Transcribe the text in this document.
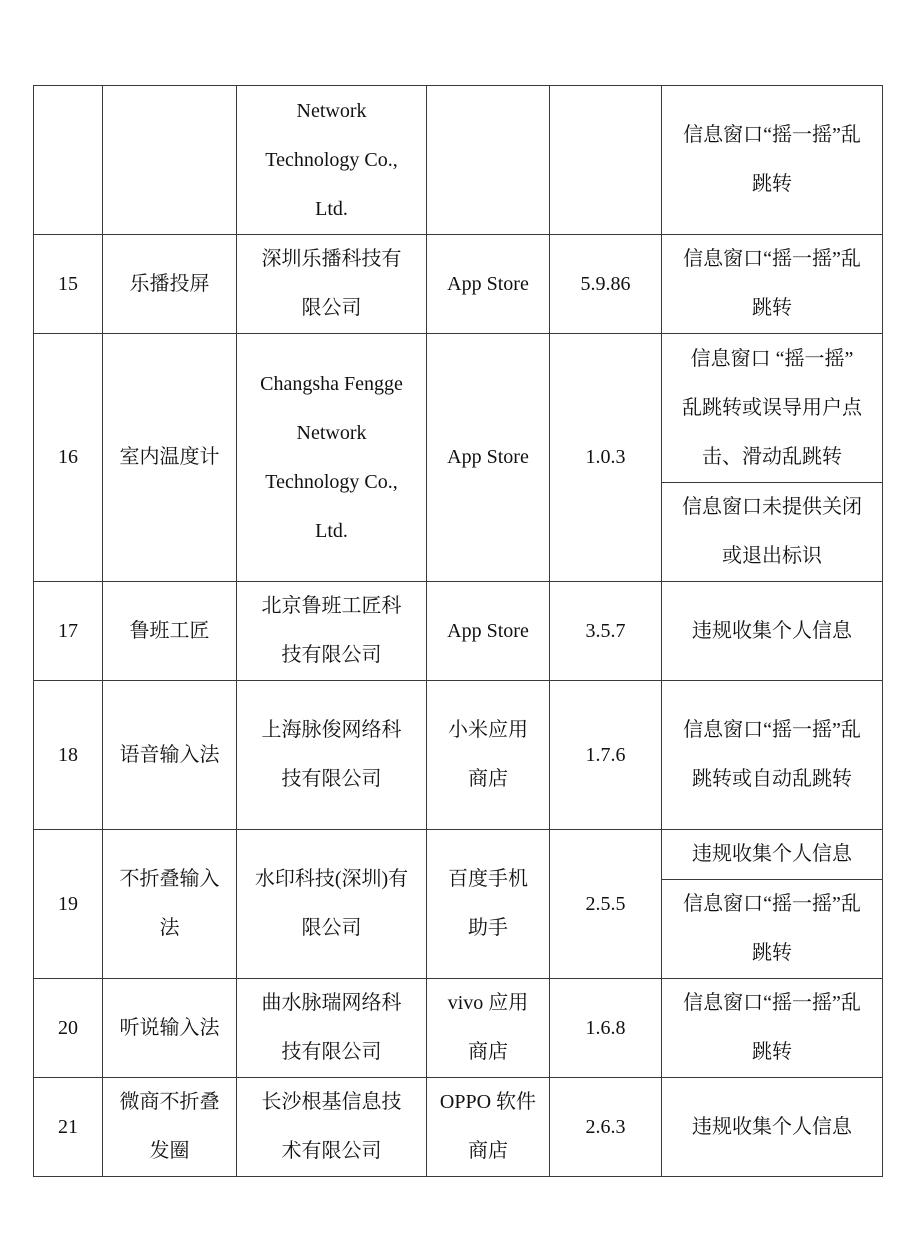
		Network
Technology Co.,
Ltd.			信息窗口“摇一摇”乱
跳转

15	乐播投屏	深圳乐播科技有
限公司	App Store	5.9.86	信息窗口“摇一摇”乱
跳转

16	室内温度计	Changsha Fengge
Network
Technology Co.,
Ltd.	App Store	1.0.3	信息窗口 “摇一摇”
乱跳转或误导用户点
击、滑动乱跳转

					信息窗口未提供关闭
或退出标识

17	鲁班工匠	北京鲁班工匠科
技有限公司	App Store	3.5.7	违规收集个人信息

18	语音输入法	上海脉俊网络科
技有限公司	小米应用
商店	1.7.6	信息窗口“摇一摇”乱
跳转或自动乱跳转

19	不折叠输入
法	水印科技(深圳)有
限公司	百度手机
助手	2.5.5	违规收集个人信息

					信息窗口“摇一摇”乱
跳转

20	听说输入法	曲水脉瑞网络科
技有限公司	vivo 应用
商店	1.6.8	信息窗口“摇一摇”乱
跳转

21	微商不折叠
发圈	长沙根基信息技
术有限公司	OPPO 软件
商店	2.6.3	违规收集个人信息
